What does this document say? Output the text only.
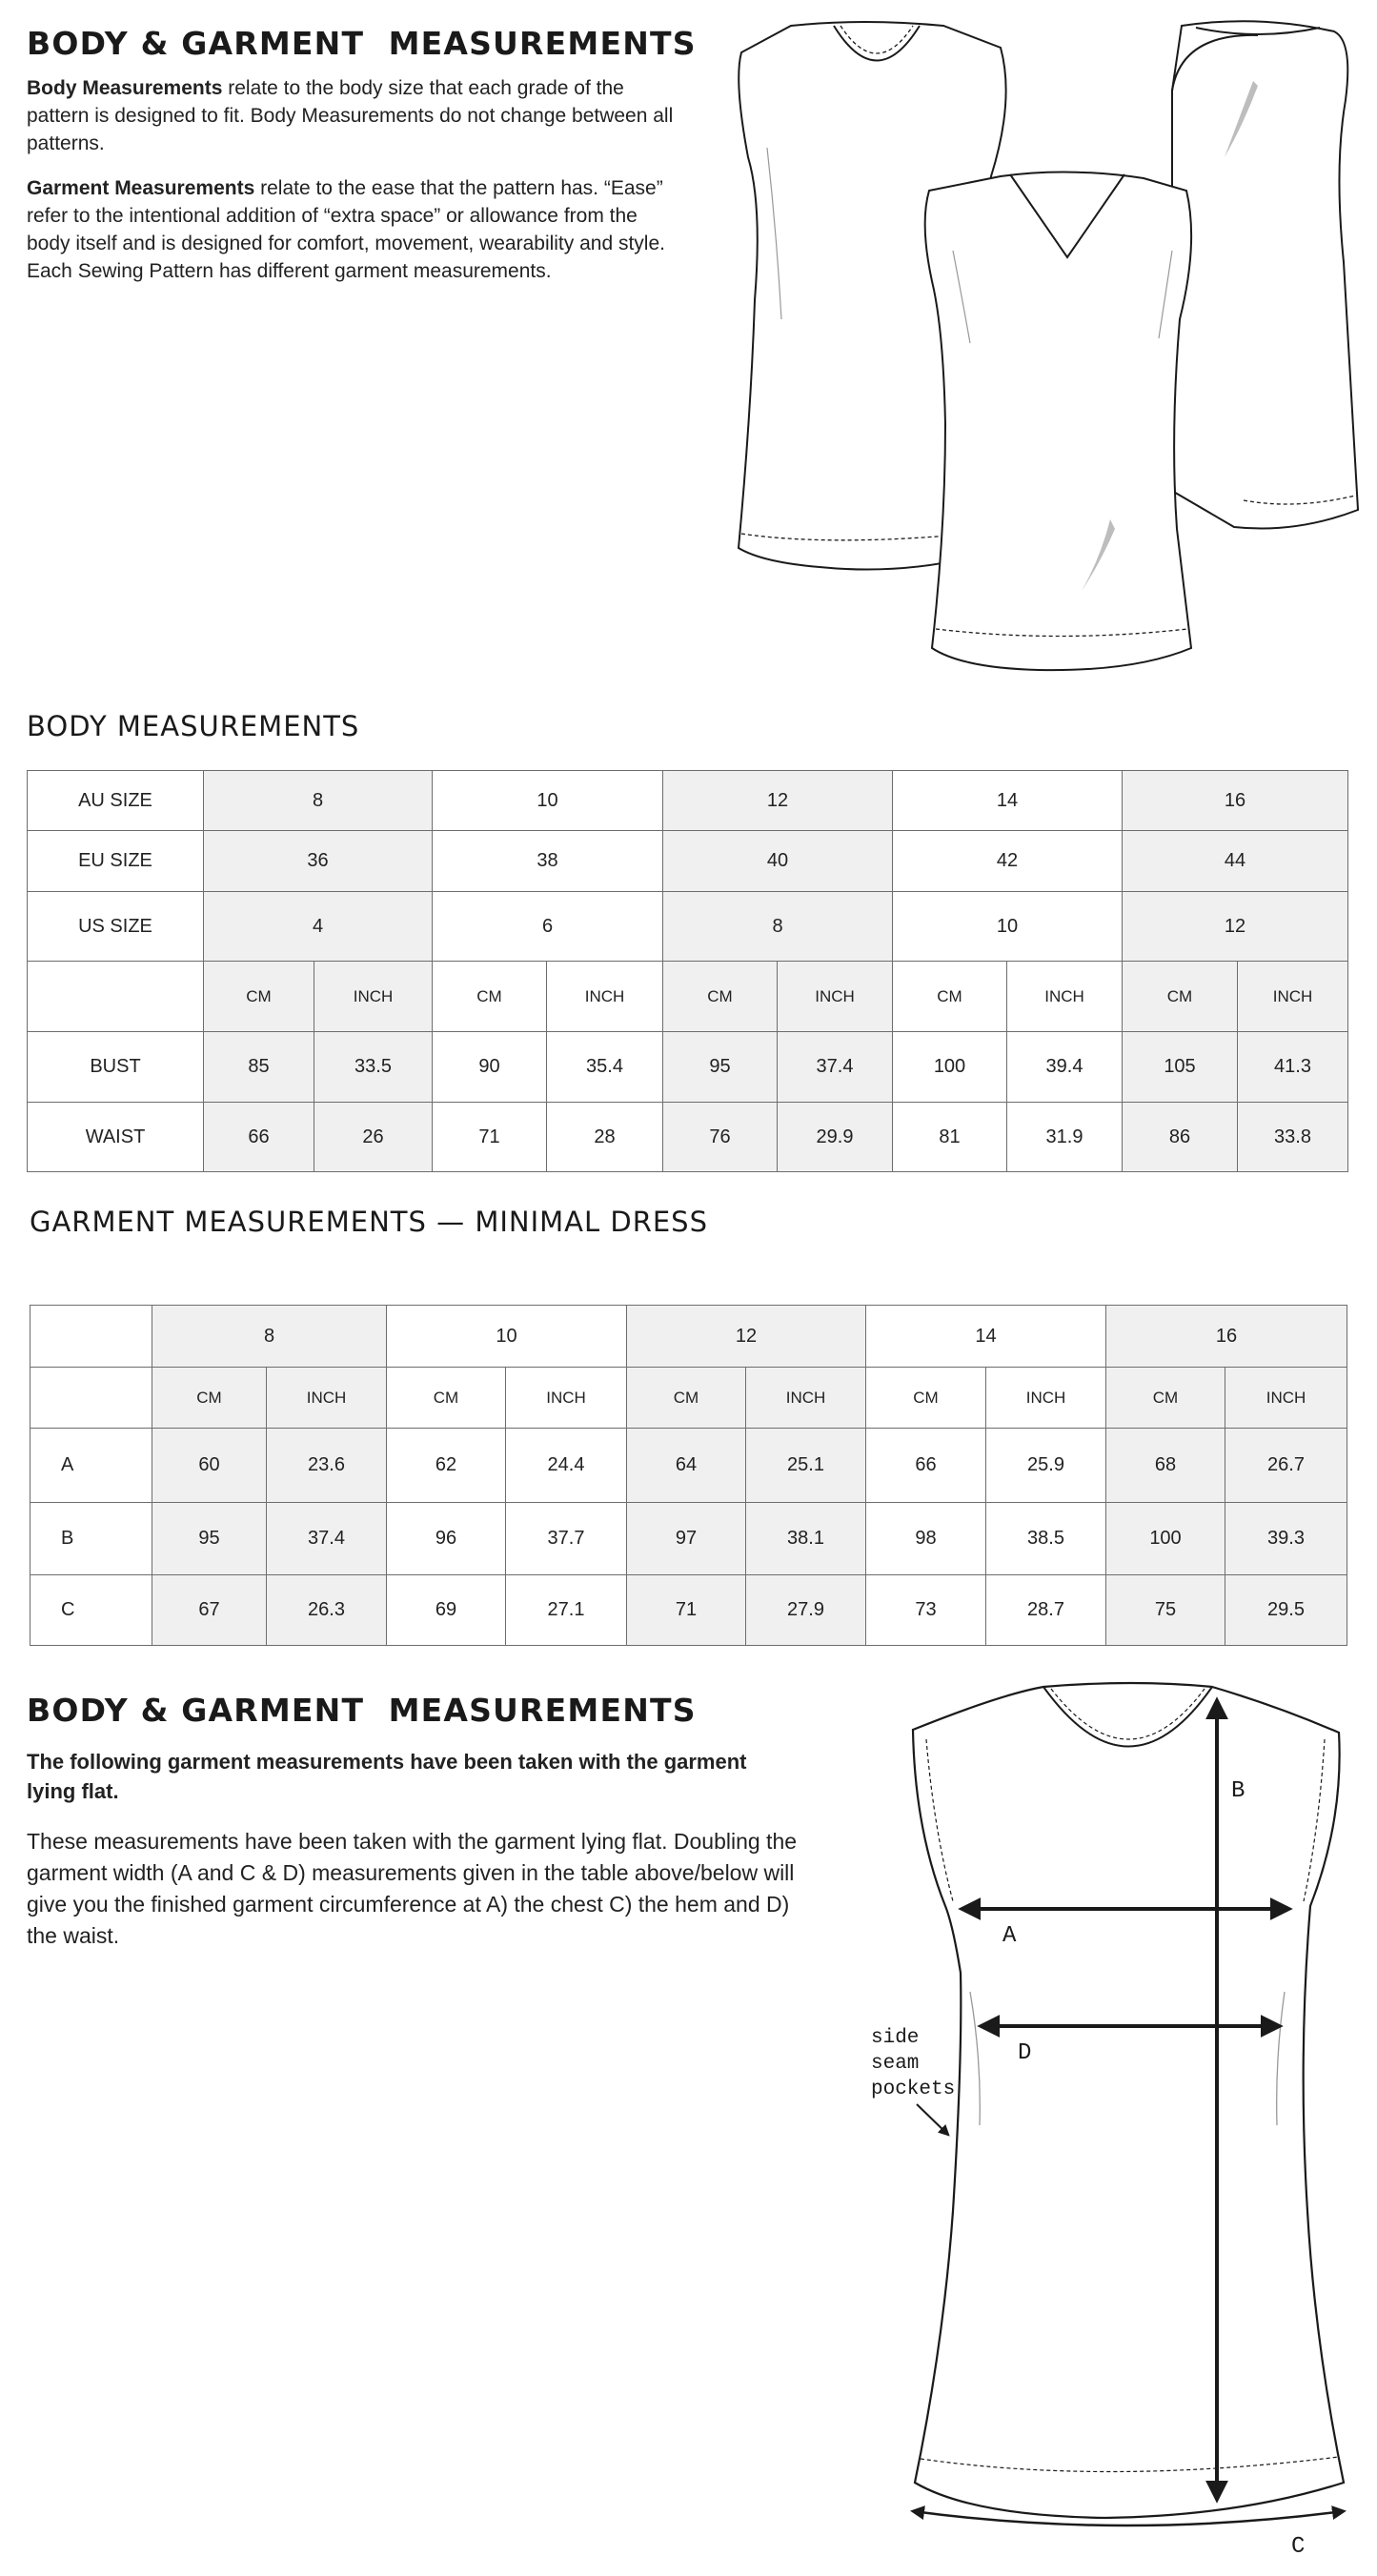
BODY & GARMENT  MEASUREMENTS

Body Measurements relate to the body size that each grade of the pattern is designed to fit. Body Measurements do not change between all patterns.

Garment Measurements relate to the ease that the pattern has. “Ease” refer to the intentional addition of “extra space” or allowance from the body itself and is designed for comfort, movement, wearability and style. Each Sewing Pattern has different garment measurements.

BODY MEASUREMENTS
AU SIZE	8		10		12		14		16	
EU SIZE	36		38		40		42		44	
US SIZE	4		6		8		10		12	
	CM	INCH	CM	INCH	CM	INCH	CM	INCH	CM	INCH
BUST	85	33.5	90	35.4	95	37.4	100	39.4	105	41.3
WAIST	66	26	71	28	76	29.9	81	31.9	86	33.8
GARMENT MEASUREMENTS — MINIMAL DRESS
	8		10		12		14		16	
	CM	INCH	CM	INCH	CM	INCH	CM	INCH	CM	INCH
A	60	23.6	62	24.4	64	25.1	66	25.9	68	26.7
B	95	37.4	96	37.7	97	38.1	98	38.5	100	39.3
C	67	26.3	69	27.1	71	27.9	73	28.7	75	29.5
BODY & GARMENT  MEASUREMENTS

The following garment measurements have been taken with the garment lying flat.

These measurements have been taken with the garment lying flat. Doubling the garment width (A and C & D) measurements given in the table above/below will give you the finished garment circumference at A) the chest C) the hem and D) the waist.

B
A
D
C
side
seam
pockets
